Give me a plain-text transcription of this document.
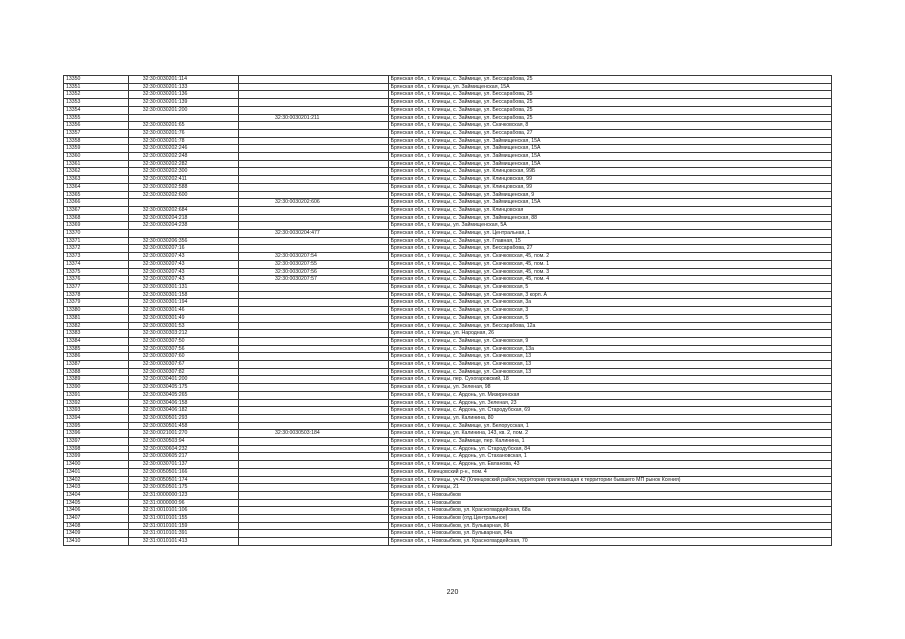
13350	32:30:0030201:114		Брянская обл., г. Клинцы, с. Займище, ул. Бессарабова, 25
13351	32:30:0030201:133		Брянская обл., г. Клинцы, ул. Займищенская, 15А
13352	32:30:0030201:136		Брянская обл., г. Клинцы, с. Займище, ул. Бессарабова, 25
13353	32:30:0030201:139		Брянская обл., г. Клинцы, с. Займище, ул. Бессарабова, 25
13354	32:30:0030201:200		Брянская обл., г. Клинцы, с. Займище, ул. Бессарабова, 25
13355		32:30:0030201:211	Брянская обл., г. Клинцы, с. Займище, ул. Бессарабова, 25
13356	32:30:0030201:65		Брянская обл., г. Клинцы, с. Займище, ул. Скачковская, 8
13357	32:30:0030201:76		Брянская обл., г. Клинцы, с. Займище, ул. Бессарабова, 27
13358	32:30:0030201:78		Брянская обл., г. Клинцы, с. Займище, ул. Займищенская, 15А
13359	32:30:0030202:246		Брянская обл., г. Клинцы, с. Займище, ул. Займищенская, 15А
13360	32:30:0030202:248		Брянская обл., г. Клинцы, с. Займище, ул. Займищенская, 15А
13361	32:30:0030202:282		Брянская обл., г. Клинцы, с. Займище, ул. Займищенская, 15А
13362	32:30:0030202:300		Брянская обл., г. Клинцы, с. Займище, ул. Клинцовская, 99Б
13363	32:30:0030202:411		Брянская обл., г. Клинцы, с. Займище, ул. Клинцовская, 99
13364	32:30:0030202:588		Брянская обл., г. Клинцы, с. Займище, ул. Клинцовская, 99
13365	32:30:0030202:600		Брянская обл., г. Клинцы, с. Займище, ул. Займищенская, 9
13366		32:30:0030202:606	Брянская обл., г. Клинцы, с. Займище, ул. Займищенская, 15А
13367	32:30:0030202:684		Брянская обл., г. Клинцы, с. Займище, ул. Клинцовская
13368	32:30:0030204:218		Брянская обл., г. Клинцы, с. Займище, ул. Займищенская, 88
13369	32:30:0030204:238		Брянская обл., г. Клинцы, ул. Займищенская, 5А
13370		32:30:0030204:477	Брянская обл., г. Клинцы, с. Займище, ул. Центральная, 1
13371	32:30:0030206:356		Брянская обл., г. Клинцы, с. Займище, ул. Главная, 15
13372	32:30:0030207:16		Брянская обл., г. Клинцы, с. Займище, ул. Бессарабова, 27
13373	32:30:0030207:43	32:30:0030207:54	Брянская обл., г. Клинцы, с. Займище, ул. Скачковская, 45, пом. 2
13374	32:30:0030207:43	32:30:0030207:55	Брянская обл., г. Клинцы, с. Займище, ул. Скачковская, 45, пом. 1
13375	32:30:0030207:43	32:30:0030207:56	Брянская обл., г. Клинцы, с. Займище, ул. Скачковская, 45, пом. 3
13376	32:30:0030207:43	32:30:0030207:57	Брянская обл., г. Клинцы, с. Займище, ул. Скачковская, 45, пом. 4
13377	32:30:0030301:131		Брянская обл., г. Клинцы, с. Займище, ул. Скачковская, 5
13378	32:30:0030301:158		Брянская обл., г. Клинцы, с. Займище, ул. Скачковская, 3 корп. А
13379	32:30:0030301:194		Брянская обл., г. Клинцы, с. Займище, ул. Скачковская, 3а
13380	32:30:0030301:46		Брянская обл., г. Клинцы, с. Займище, ул. Скачковская, 3
13381	32:30:0030301:49		Брянская обл., г. Клинцы, с. Займище, ул. Скачковская, 5
13382	32:30:0030301:53		Брянская обл., г. Клинцы, с. Займище, ул. Бессарабова, 12а
13383	32:30:0030303:212		Брянская обл., г. Клинцы, ул. Народная, 26
13384	32:30:0030307:50		Брянская обл., г. Клинцы, с. Займище, ул. Скачковская, 9
13385	32:30:0030307:56		Брянская обл., г. Клинцы, с. Займище, ул. Скачковская, 13а
13386	32:30:0030307:60		Брянская обл., г. Клинцы, с. Займище, ул. Скачковская, 13
13387	32:30:0030307:67		Брянская обл., г. Клинцы, с. Займище, ул. Скачковская, 13
13388	32:30:0030307:82		Брянская обл., г. Клинцы, с. Займище, ул. Скачковская, 13
13389	32:30:0030401:200		Брянская обл., г. Клинцы, пер. Сухогаровский, 18
13390	32:30:0030405:175		Брянская обл., г. Клинцы, ул. Зеленая, 98
13391	32:30:0030405:265		Брянская обл., г. Клинцы, с. Ардонь, ул. Мизиринская
13392	32:30:0030406:158		Брянская обл., г. Клинцы, с. Ардонь, ул. Зеленая, 23
13393	32:30:0030406:182		Брянская обл., г. Клинцы, с. Ардонь, ул. Стародубская, 69
13394	32:30:0030501:293		Брянская обл., г. Клинцы, ул. Калинина, 80
13395	32:30:0030501:458		Брянская обл., г. Клинцы, с. Займище, ул. Белорусская, 1
13396	32:30:0021001:270	32:30:0030503:184	Брянская обл., г. Клинцы, ул. Калинина, 143, кв. 2, пом. 2
13397	32:30:0030503:94		Брянская обл., г. Клинцы, с. Займище, пер. Калинина, 1
13398	32:30:0030604:232		Брянская обл., г. Клинцы, с. Ардонь, ул. Стародубская, 84
13399	32:30:0030605:217		Брянская обл., г. Клинцы, с. Ардонь, ул. Стахановская, 1
13400	32:30:0030701:137		Брянская обл., г. Клинцы, с. Ардонь, ул. Евланова, 43
13401	32:30:0050501:166		Брянская обл., Клинцовский р-н., пом. 4
13402	32:30:0050501:174		Брянская обл., г. Клинцы, уч.42 (Клинцовский район,территория прилегающая к территории бывшего МП рынок Ксения)
13403	32:30:0050501:175		Брянская обл., г. Клинцы, 21
13404	32:31:0000000:123		Брянская обл., г. Новозыбков
13405	32:31:0000000:96		Брянская обл., г. Новозыбков
13406	32:31:0010101:106		Брянская обл., г. Новозыбков, ул. Красногвардейская, 68а
13407	32:31:0010101:155		Брянская обл., г. Новозыбков (отд.Центральное)
13408	32:31:0010101:159		Брянская обл., г. Новозыбков, ул. Бульварная, 86
13409	32:31:0010101:391		Брянская обл., г. Новозыбков, ул. Бульварная, 84а
13410	32:31:0010101:413		Брянская обл., г. Новозыбков, ул. Красногвардейская, 70
220
